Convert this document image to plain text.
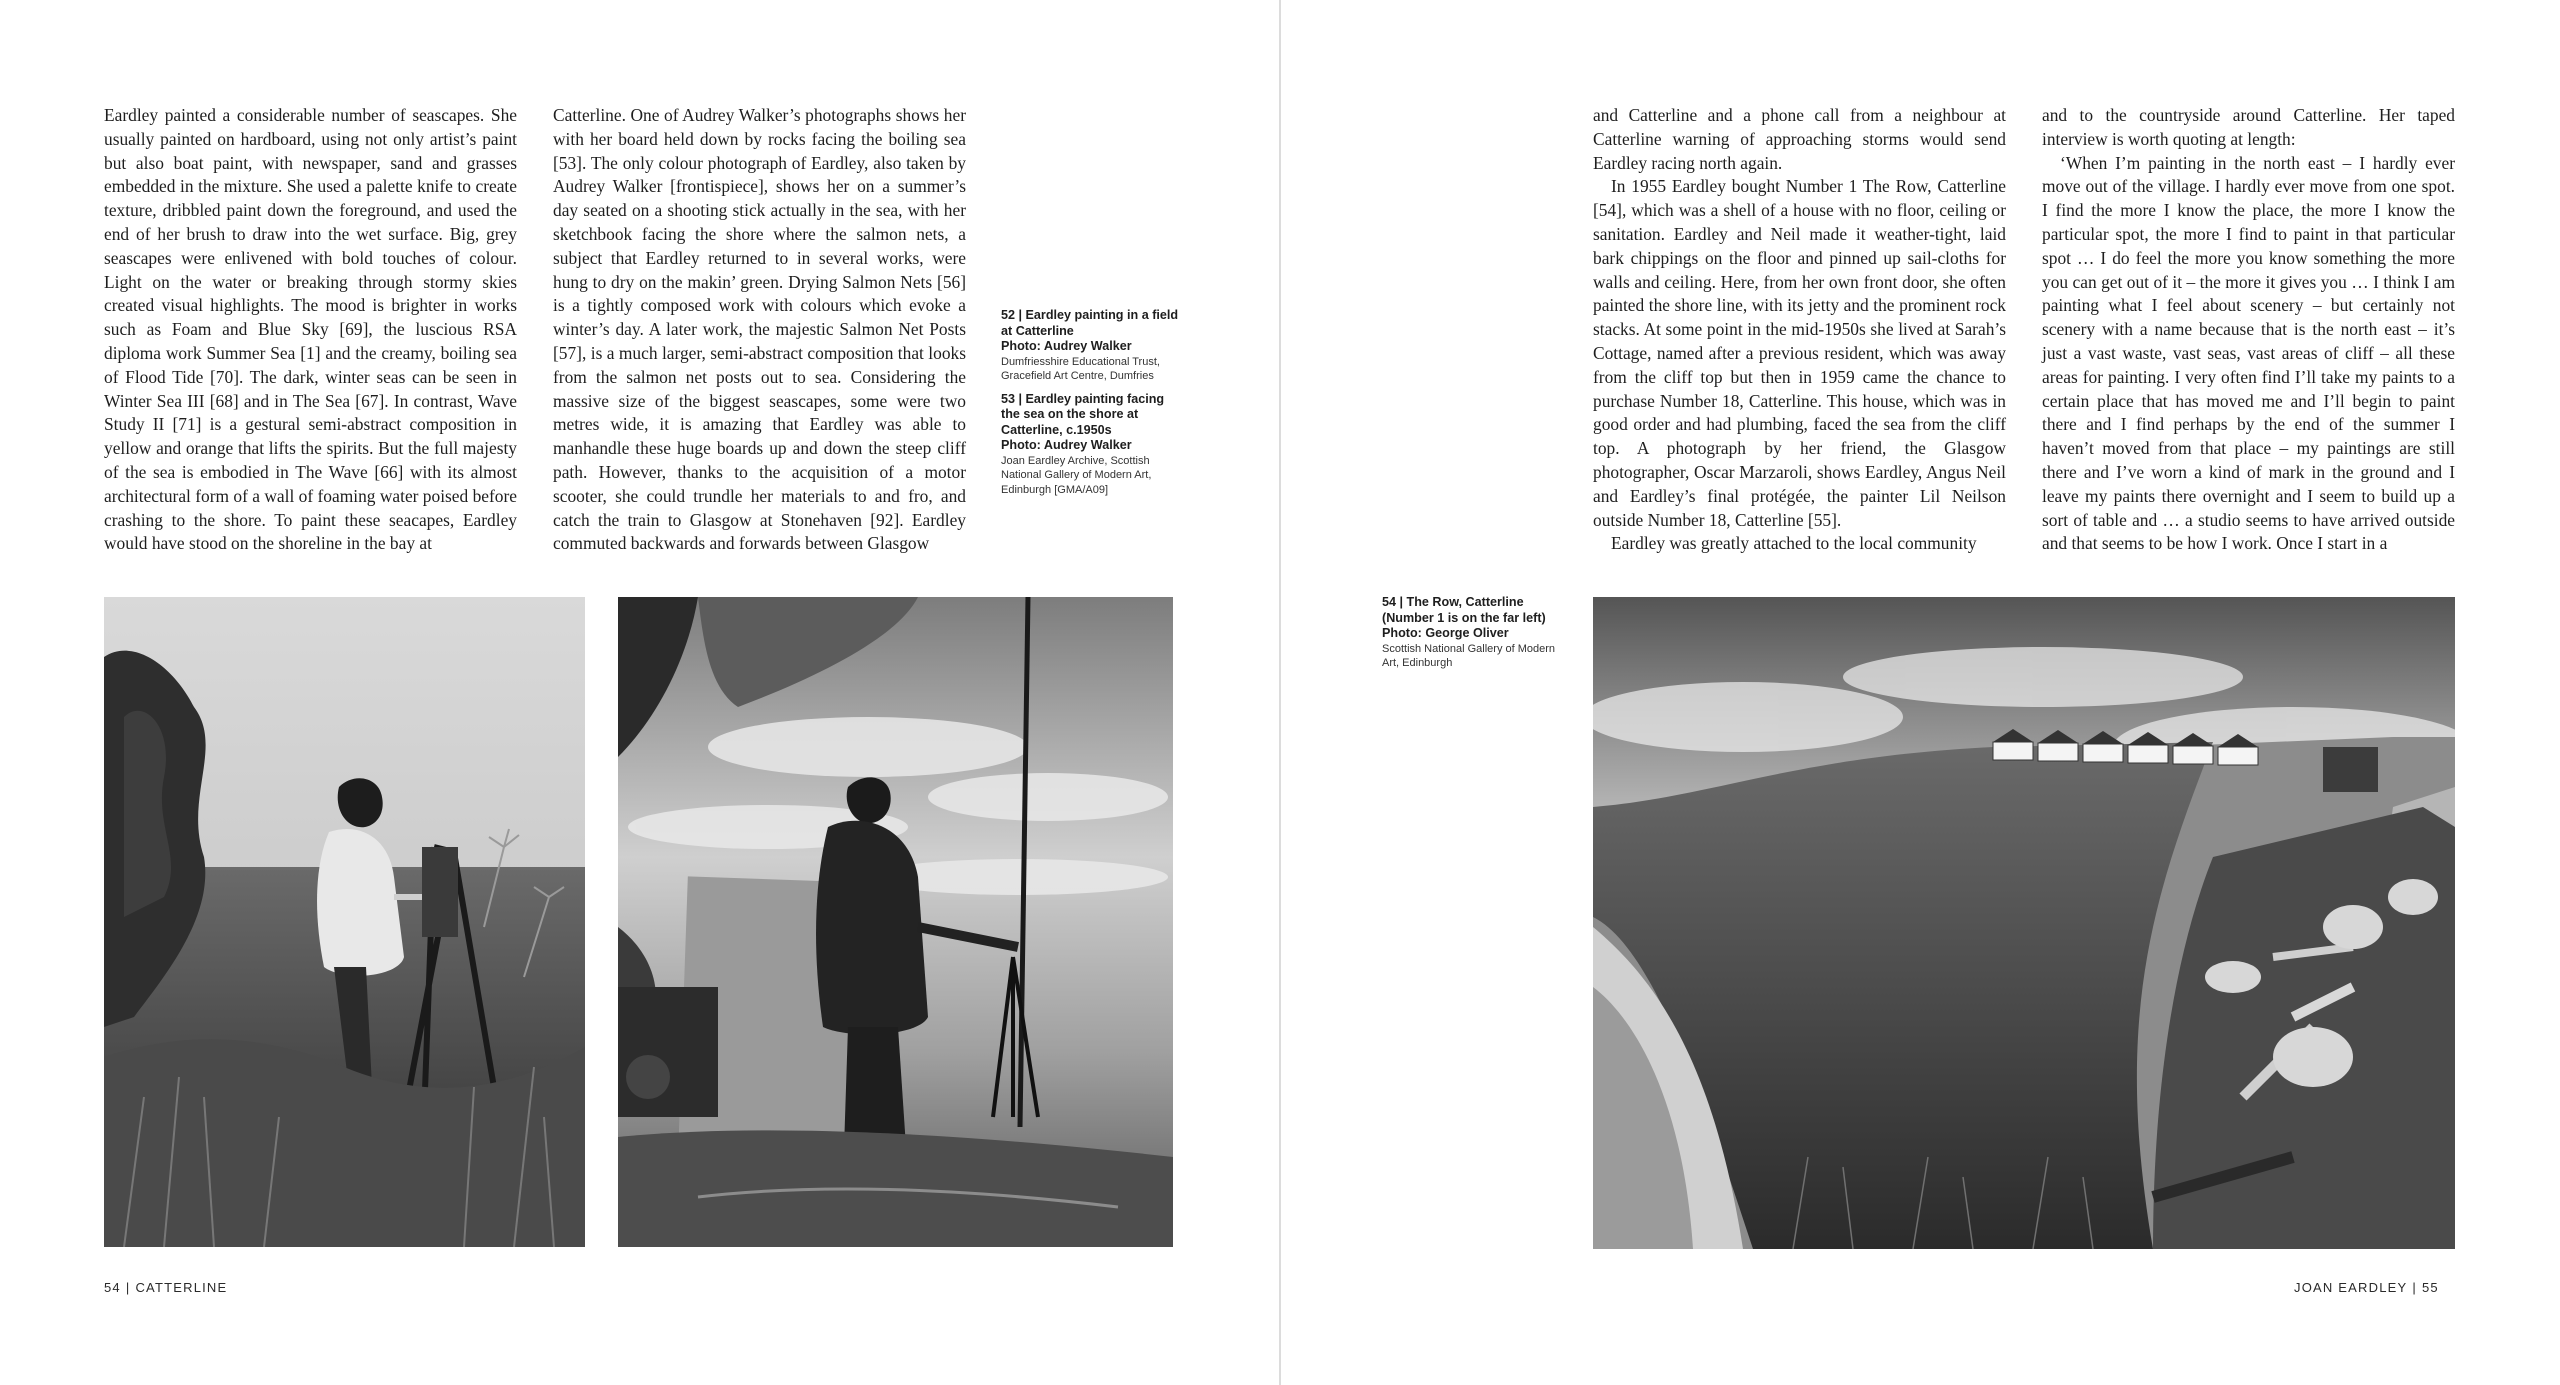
Eardley painted a considerable number of seascapes. She usually painted on hardboard, using not only artist’s paint but also boat paint, with newspaper, sand and grasses embedded in the mixture. She used a palette knife to create texture, dribbled paint down the foreground, and used the end of her brush to draw into the wet surface. Big, grey seascapes were enlivened with bold touches of colour. Light on the water or breaking through stormy skies created visual highlights. The mood is brighter in works such as Foam and Blue Sky [69], the luscious RSA diploma work Summer Sea [1] and the creamy, boiling sea of Flood Tide [70]. The dark, winter seas can be seen in Winter Sea III [68] and in The Sea [67]. In contrast, Wave Study II [71] is a gestural semi-abstract composition in yellow and orange that lifts the spirits. But the full majesty of the sea is embodied in The Wave [66] with its almost architectural form of a wall of foaming water poised before crashing to the shore. To paint these seacapes, Eardley would have stood on the shoreline in the bay at

Catterline. One of Audrey Walker’s photographs shows her with her board held down by rocks facing the boiling sea [53]. The only colour photograph of Eardley, also taken by Audrey Walker [frontispiece], shows her on a summer’s day seated on a shooting stick actually in the sea, with her sketchbook facing the shore where the salmon nets, a subject that Eardley returned to in several works, were hung to dry on the makin’ green. Drying Salmon Nets [56] is a tightly composed work with colours which evoke a winter’s day. A later work, the majestic Salmon Net Posts [57], is a much larger, semi-abstract composition that looks from the salmon net posts out to sea. Considering the massive size of the biggest seascapes, some were two metres wide, it is amazing that Eardley was able to manhandle these huge boards up and down the steep cliff path. However, thanks to the acquisition of a motor scooter, she could trundle her materials to and fro, and catch the train to Glasgow at Stonehaven [92]. Eardley commuted backwards and forwards between Glasgow

52 | Eardley painting in a field at Catterline
Photo: Audrey Walker
Dumfriesshire Educational Trust, Gracefield Art Centre, Dumfries
53 | Eardley painting facing the sea on the shore at Catterline, c.1950s
Photo: Audrey Walker
Joan Eardley Archive, Scottish National Gallery of Modern Art, Edinburgh [GMA/A09]
54 | CATTERLINE

and Catterline and a phone call from a neighbour at Catterline warning of approaching storms would send Eardley racing north again.

In 1955 Eardley bought Number 1 The Row, Catterline [54], which was a shell of a house with no floor, ceiling or sanitation. Eardley and Neil made it weather-tight, laid bark chippings on the floor and pinned up sail-cloths for walls and ceiling. Here, from her own front door, she often painted the shore line, with its jetty and the prominent rock stacks. At some point in the mid-1950s she lived at Sarah’s Cottage, named after a previous resident, which was away from the cliff top but then in 1959 came the chance to purchase Number 18, Catterline. This house, which was in good order and had plumbing, faced the sea from the cliff top. A photograph by her friend, the Glasgow photographer, Oscar Marzaroli, shows Eardley, Angus Neil and Eardley’s final protégée, the painter Lil Neilson outside Number 18, Catterline [55].

Eardley was greatly attached to the local community

and to the countryside around Catterline. Her taped interview is worth quoting at length:

‘When I’m painting in the north east – I hardly ever move out of the village. I hardly ever move from one spot. I find the more I know the place, the more I know the particular spot, the more I find to paint in that particular spot … I do feel the more you know something the more you can get out of it – the more it gives you … I think I am painting what I feel about scenery – but certainly not scenery with a name because that is the north east – it’s just a vast waste, vast seas, vast areas of cliff – all these areas for painting. I very often find I’ll take my paints to a certain place that has moved me and I’ll begin to paint there and I find perhaps by the end of the summer I haven’t moved from that place – my paintings are still there and I’ve worn a kind of mark in the ground and I leave my paints there overnight and I seem to build up a sort of table and … a studio seems to have arrived outside and that seems to be how I work. Once I start in a

54 | The Row, Catterline (Number 1 is on the far left)
Photo: George Oliver
Scottish National Gallery of Modern Art, Edinburgh
JOAN EARDLEY | 55
